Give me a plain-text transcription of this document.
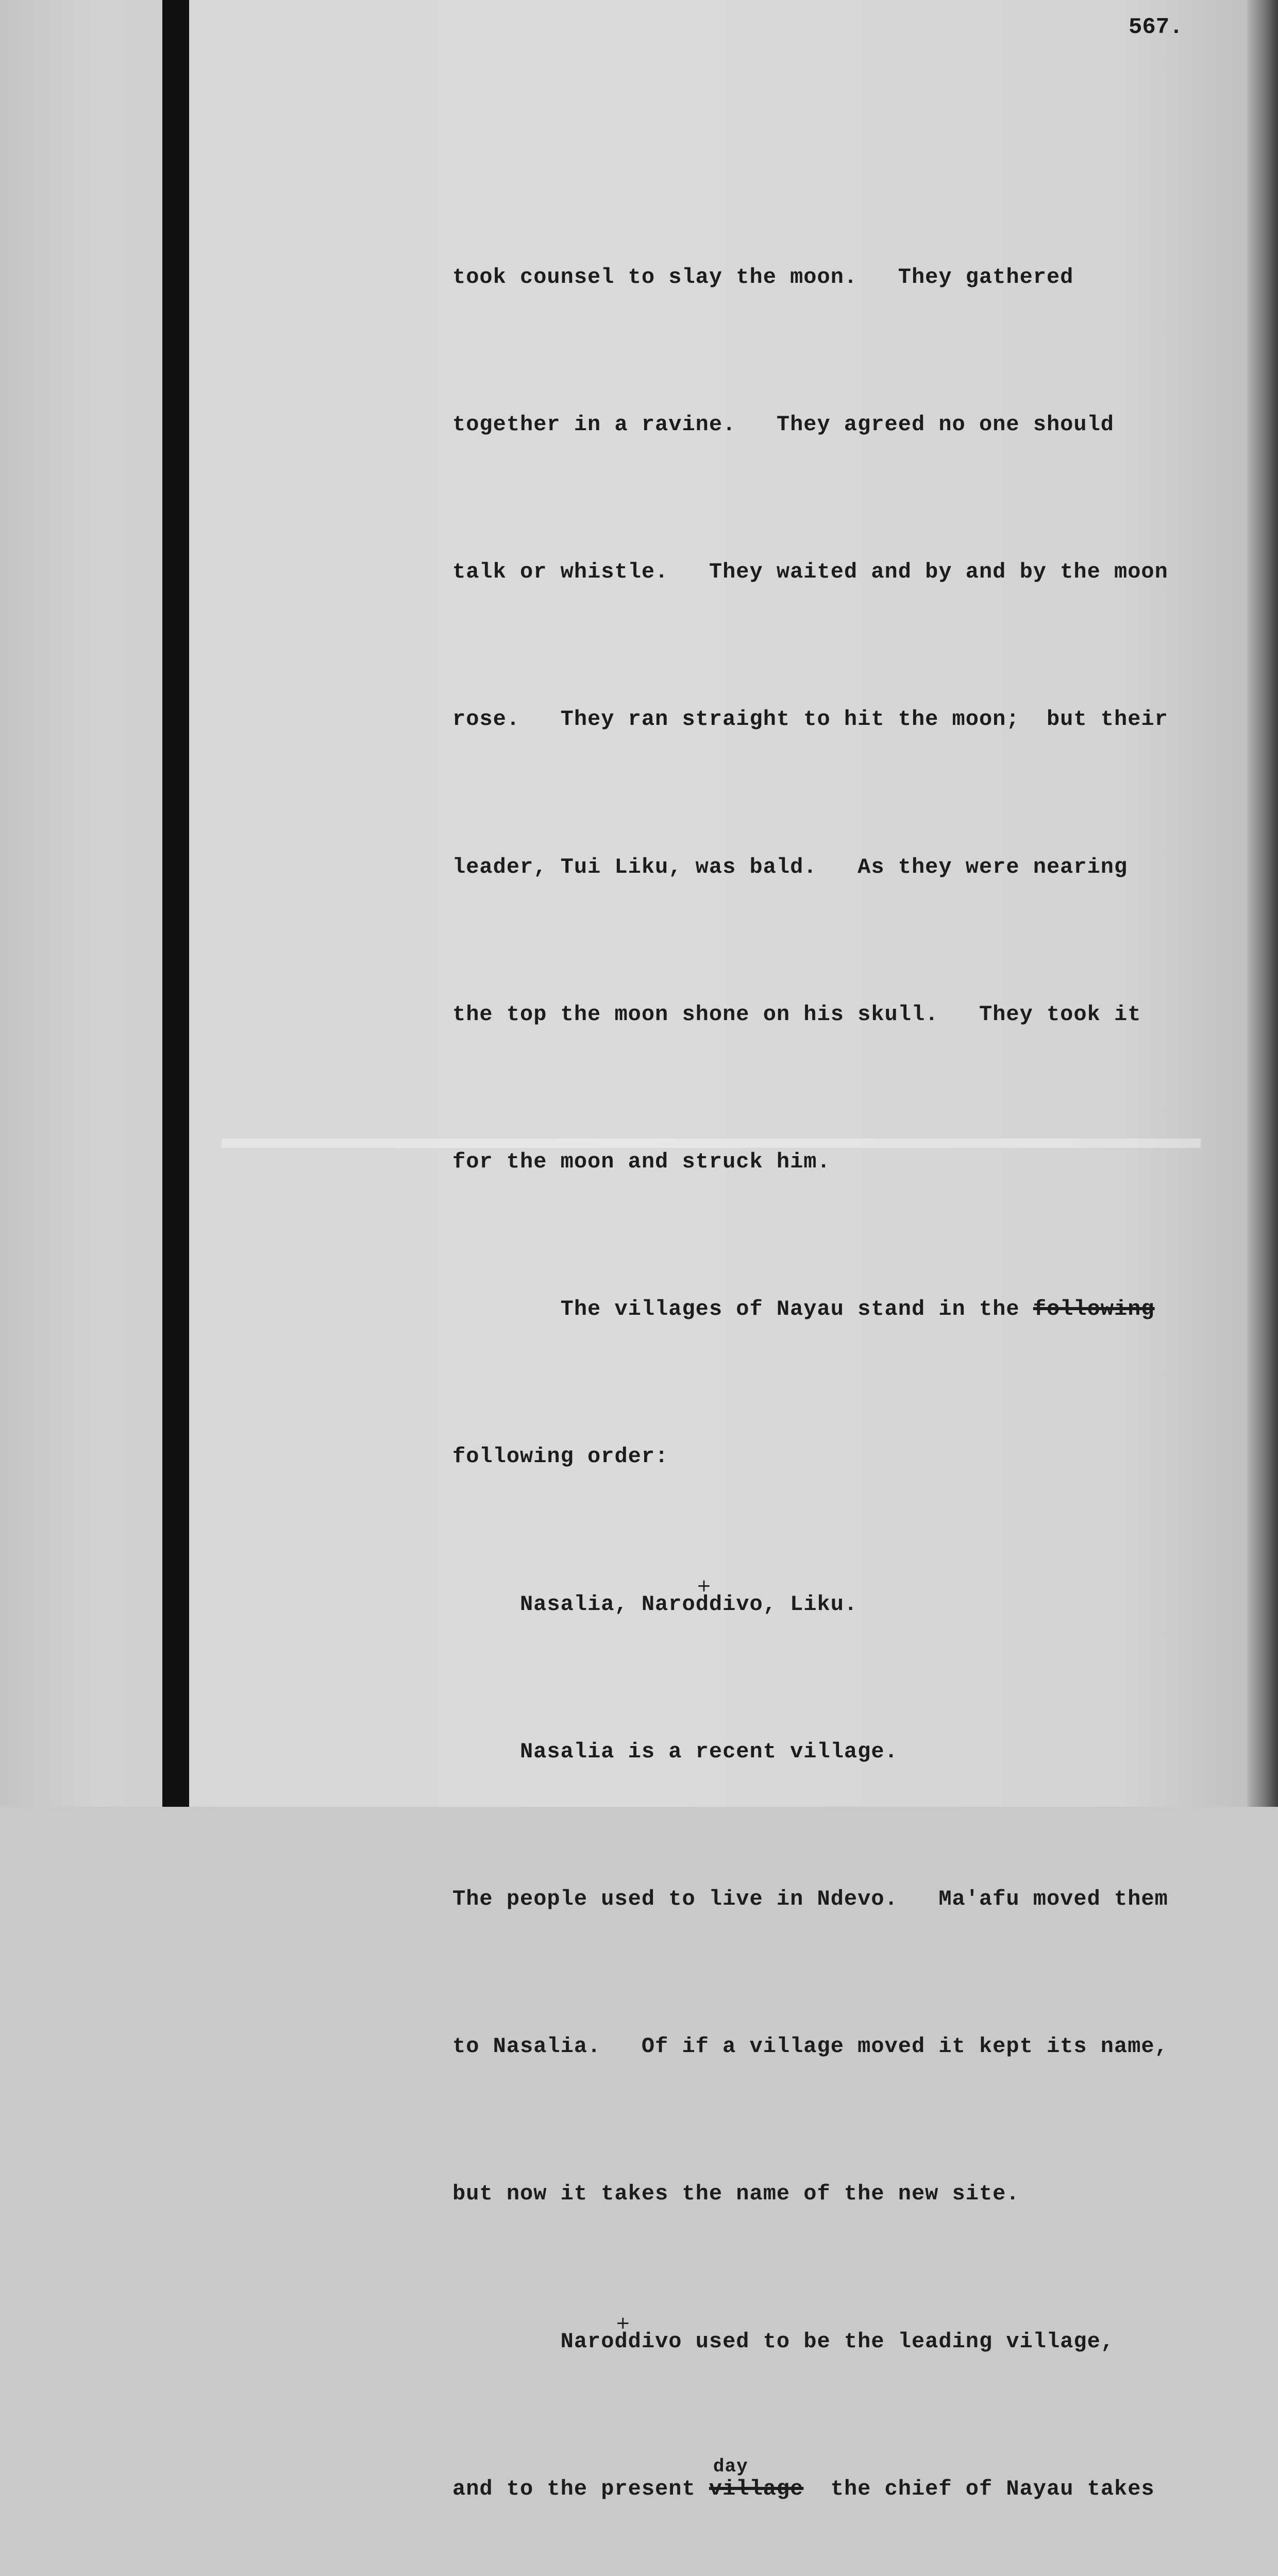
567.

took counsel to slay the moon.   They gathered

together in a ravine.   They agreed no one should

talk or whistle.   They waited and by and by the moon

rose.   They ran straight to hit the moon;  but their

leader, Tui Liku, was bald.   As they were nearing

the top the moon shone on his skull.   They took it

for the moon and struck him.

The villages of Nayau stand in the following

following order:

Nasalia, Naro
+
ddivo, Liku.

Nasalia is a recent village.

The people used to live in Ndevo.   Ma'afu moved them

to Nasalia.   Of if a village moved it kept its name,

but now it takes the name of the new site.

Naro
+
ddivo used to be the leading village,

and to the present
day
village  the chief of Nayau takes
